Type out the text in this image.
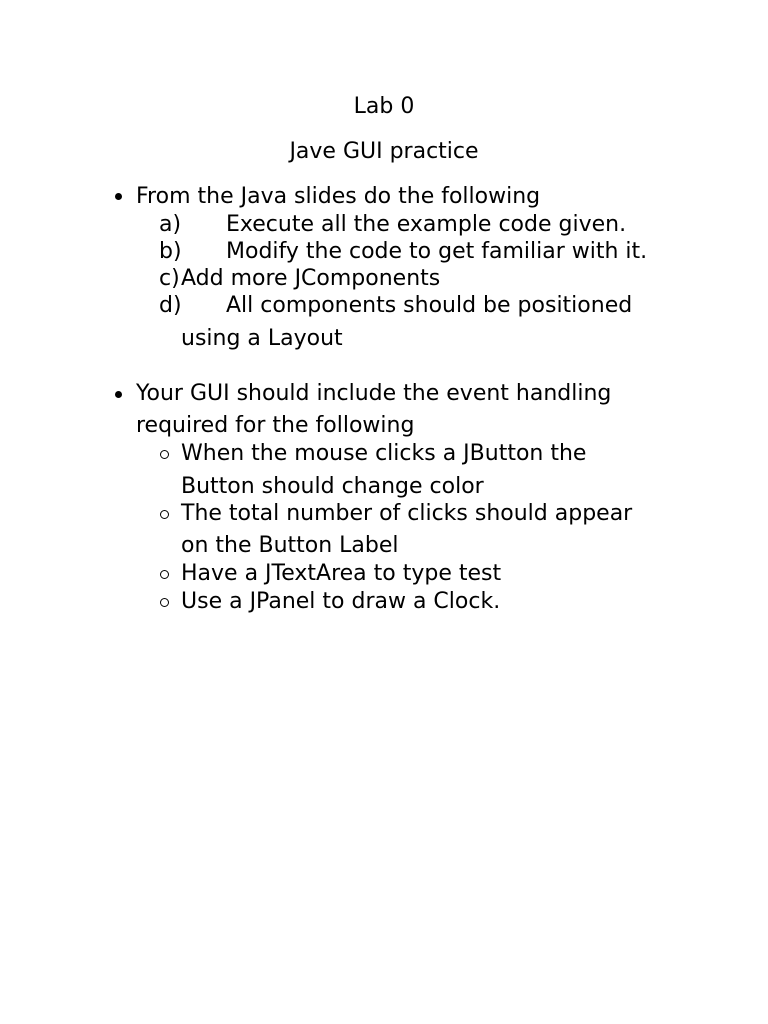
Lab 0
Jave GUI practice
From the Java slides do the following
a) Execute all the example code given.
b) Modify the code to get familiar with it.
c) Add more JComponents
d) All components should be positioned
using a Layout
Your GUI should include the event handling
required for the following
When the mouse clicks a JButton the
Button should change color
The total number of clicks should appear
on the Button Label
Have a JTextArea to type test
Use a JPanel to draw a Clock.
